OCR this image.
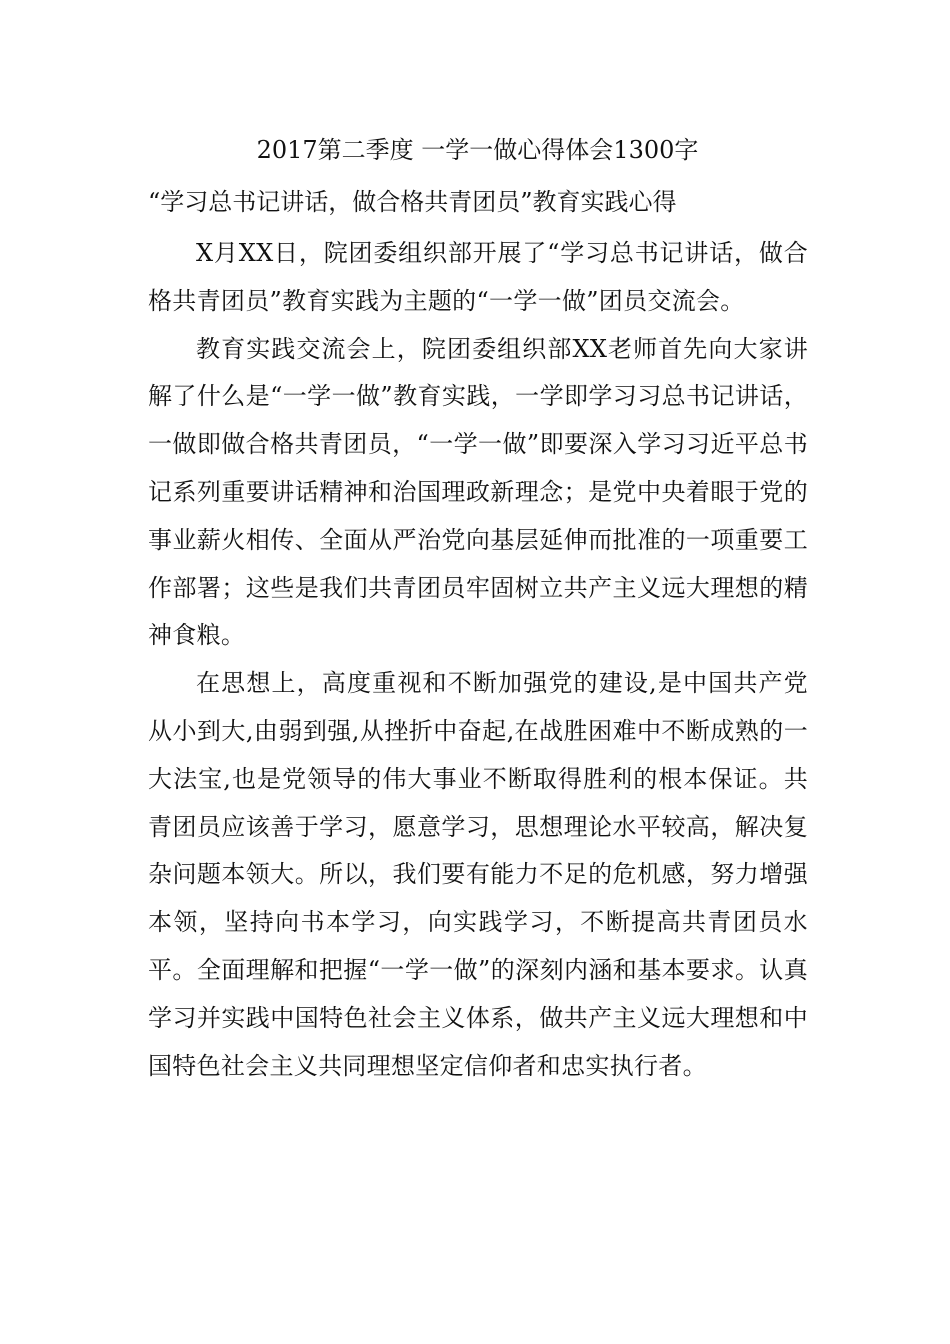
2017第二季度 一学一做心得体会1300字
“学习总书记讲话，做合格共青团员”教育实践心得

X月XX日，院团委组织部开展了“学习总书记讲话，做合格共青团员”教育实践为主题的“一学一做”团员交流会。

教育实践交流会上，院团委组织部XX老师首先向大家讲解了什么是“一学一做”教育实践，一学即学习习总书记讲话，一做即做合格共青团员，“一学一做”即要深入学习习近平总书记系列重要讲话精神和治国理政新理念；是党中央着眼于党的事业薪火相传、全面从严治党向基层延伸而批准的一项重要工作部署；这些是我们共青团员牢固树立共产主义远大理想的精神食粮。

在思想上，高度重视和不断加强党的建设,是中国共产党从小到大,由弱到强,从挫折中奋起,在战胜困难中不断成熟的一大法宝,也是党领导的伟大事业不断取得胜利的根本保证。共青团员应该善于学习，愿意学习，思想理论水平较高，解决复杂问题本领大。所以，我们要有能力不足的危机感，努力增强本领，坚持向书本学习，向实践学习，不断提高共青团员水平。全面理解和把握“一学一做”的深刻内涵和基本要求。认真学习并实践中国特色社会主义体系，做共产主义远大理想和中国特色社会主义共同理想坚定信仰者和忠实执行者。
